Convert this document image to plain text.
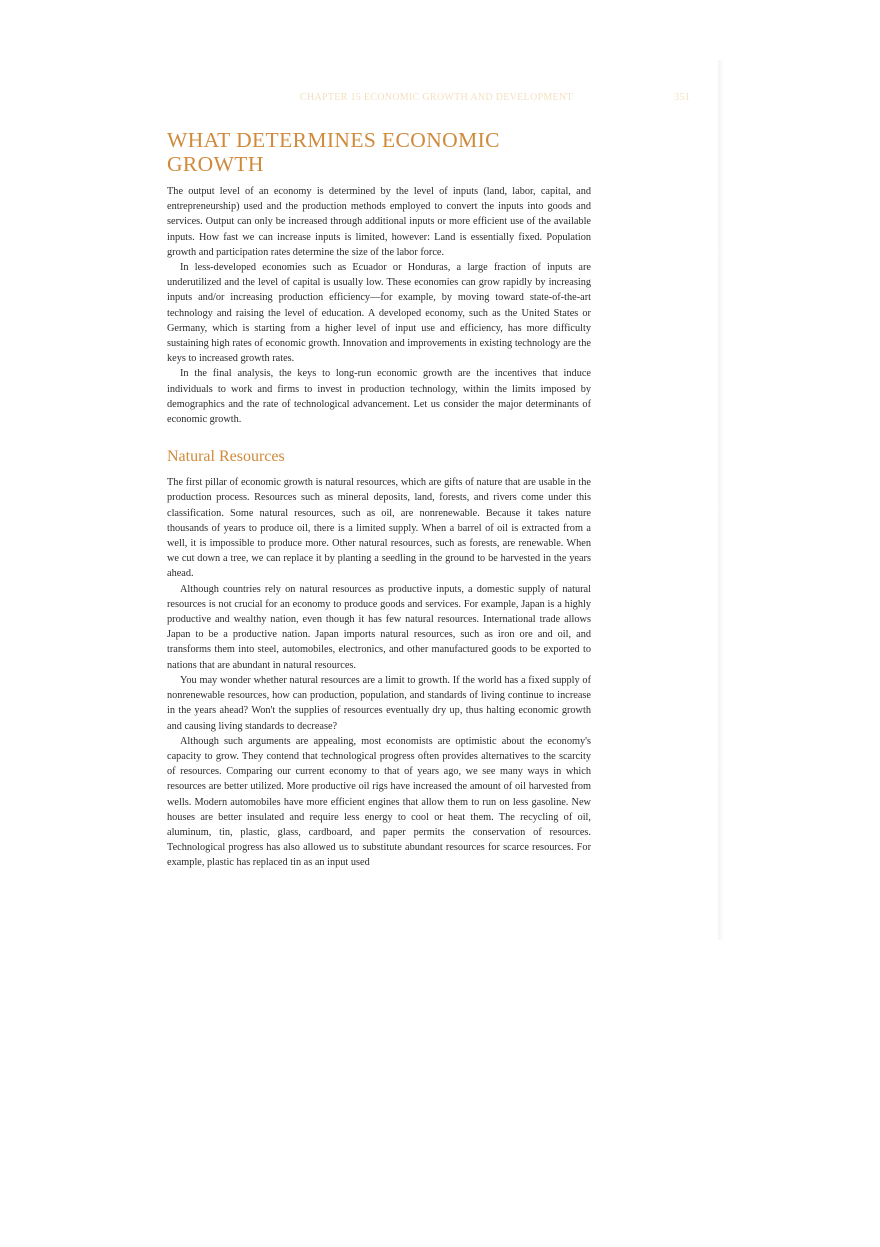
CHAPTER 15 ECONOMIC GROWTH AND DEVELOPMENT	351
WHAT DETERMINES ECONOMIC GROWTH

The output level of an economy is determined by the level of inputs (land, labor, capital, and entrepreneurship) used and the production methods employed to convert the inputs into goods and services. Output can only be increased through additional inputs or more efficient use of the available inputs. How fast we can increase inputs is limited, however: Land is essentially fixed. Population growth and participation rates determine the size of the labor force.

In less-developed economies such as Ecuador or Honduras, a large fraction of inputs are underutilized and the level of capital is usually low. These economies can grow rapidly by increasing inputs and/or increasing production efficiency—for example, by moving toward state-of-the-art technology and raising the level of education. A developed economy, such as the United States or Germany, which is starting from a higher level of input use and efficiency, has more difficulty sustaining high rates of economic growth. Innovation and improvements in existing technology are the keys to increased growth rates.

In the final analysis, the keys to long-run economic growth are the incentives that induce individuals to work and firms to invest in production technology, within the limits imposed by demographics and the rate of technological advancement. Let us consider the major determinants of economic growth.

Natural Resources

The first pillar of economic growth is natural resources, which are gifts of nature that are usable in the production process. Resources such as mineral deposits, land, forests, and rivers come under this classification. Some natural resources, such as oil, are nonrenewable. Because it takes nature thousands of years to produce oil, there is a limited supply. When a barrel of oil is extracted from a well, it is impossible to produce more. Other natural resources, such as forests, are renewable. When we cut down a tree, we can replace it by planting a seedling in the ground to be harvested in the years ahead.

Although countries rely on natural resources as productive inputs, a domestic supply of natural resources is not crucial for an economy to produce goods and services. For example, Japan is a highly productive and wealthy nation, even though it has few natural resources. International trade allows Japan to be a productive nation. Japan imports natural resources, such as iron ore and oil, and transforms them into steel, automobiles, electronics, and other manufactured goods to be exported to nations that are abundant in natural resources.

You may wonder whether natural resources are a limit to growth. If the world has a fixed supply of nonrenewable resources, how can production, population, and standards of living continue to increase in the years ahead? Won't the supplies of resources eventually dry up, thus halting economic growth and causing living standards to decrease?

Although such arguments are appealing, most economists are optimistic about the economy's capacity to grow. They contend that technological progress often provides alternatives to the scarcity of resources. Comparing our current economy to that of years ago, we see many ways in which resources are better utilized. More productive oil rigs have increased the amount of oil harvested from wells. Modern automobiles have more efficient engines that allow them to run on less gasoline. New houses are better insulated and require less energy to cool or heat them. The recycling of oil, aluminum, tin, plastic, glass, cardboard, and paper permits the conservation of resources. Technological progress has also allowed us to substitute abundant resources for scarce resources. For example, plastic has replaced tin as an input used
